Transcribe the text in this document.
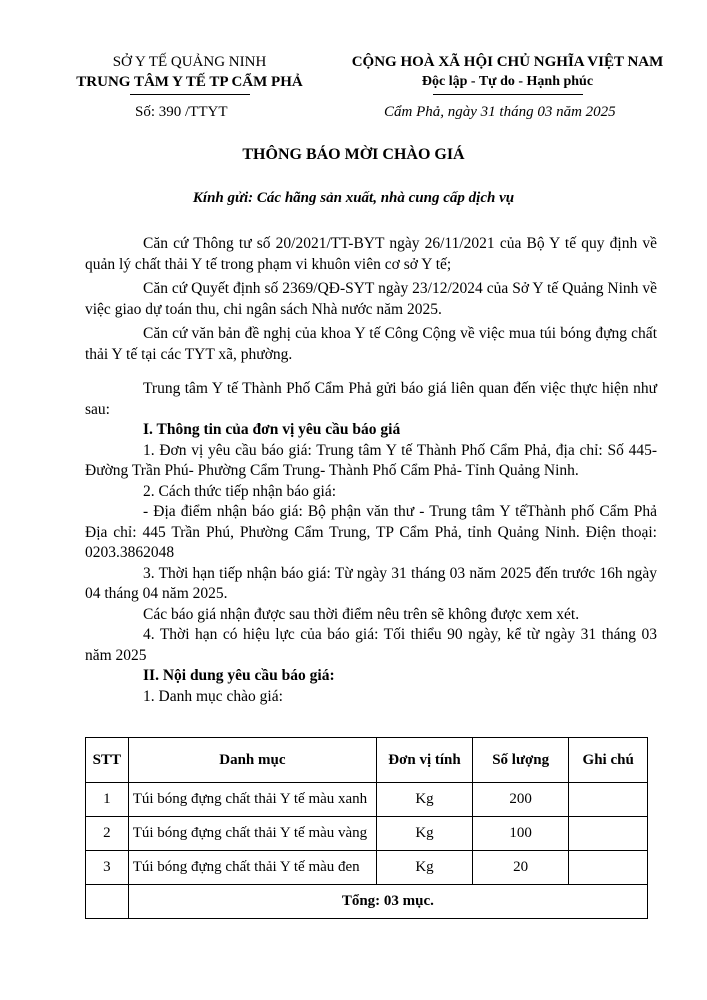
SỞ Y TẾ QUẢNG NINH
TRUNG TÂM Y TẾ TP CẨM PHẢ
CỘNG HOÀ XÃ HỘI CHỦ NGHĨA VIỆT NAM
Độc lập - Tự do - Hạnh phúc
Số: 390 /TTYT	Cẩm Phả, ngày 31 tháng 03 năm 2025
THÔNG BÁO MỜI CHÀO GIÁ
Kính gửi: Các hãng sản xuất, nhà cung cấp dịch vụ

Căn cứ Thông tư số 20/2021/TT-BYT ngày 26/11/2021 của Bộ Y tế quy định về quản lý chất thải Y tế trong phạm vi khuôn viên cơ sở Y tế;

Căn cứ Quyết định số 2369/QĐ-SYT ngày 23/12/2024 của Sở Y tế Quảng Ninh về việc giao dự toán thu, chi ngân sách Nhà nước năm 2025.

Căn cứ văn bản đề nghị của khoa Y tế Công Cộng về việc mua túi bóng đựng chất thải Y tế tại các TYT xã, phường.

Trung tâm Y tế Thành Phố Cẩm Phả gửi báo giá liên quan đến việc thực hiện như sau:

I. Thông tin của đơn vị yêu cầu báo giá

1. Đơn vị yêu cầu báo giá: Trung tâm Y tế Thành Phố Cẩm Phả, địa chỉ: Số 445- Đường Trần Phú- Phường Cẩm Trung- Thành Phố Cẩm Phả- Tỉnh Quảng Ninh.

2. Cách thức tiếp nhận báo giá:

- Địa điểm nhận báo giá: Bộ phận văn thư - Trung tâm Y tếThành phố Cẩm Phả Địa chỉ: 445 Trần Phú, Phường Cẩm Trung, TP Cẩm Phả, tỉnh Quảng Ninh. Điện thoại: 0203.3862048

3. Thời hạn tiếp nhận báo giá: Từ ngày 31 tháng 03 năm 2025 đến trước 16h ngày 04 tháng 04 năm 2025.

Các báo giá nhận được sau thời điểm nêu trên sẽ không được xem xét.

4. Thời hạn có hiệu lực của báo giá: Tối thiểu 90 ngày, kể từ ngày 31 tháng 03 năm 2025

II. Nội dung yêu cầu báo giá:

1. Danh mục chào giá:

STT	Danh mục	Đơn vị tính	Số lượng	Ghi chú
1	Túi bóng đựng chất thải Y tế màu xanh	Kg	200	
2	Túi bóng đựng chất thải Y tế màu vàng	Kg	100	
3	Túi bóng đựng chất thải Y tế màu đen	Kg	20	
	Tổng: 03 mục.			
